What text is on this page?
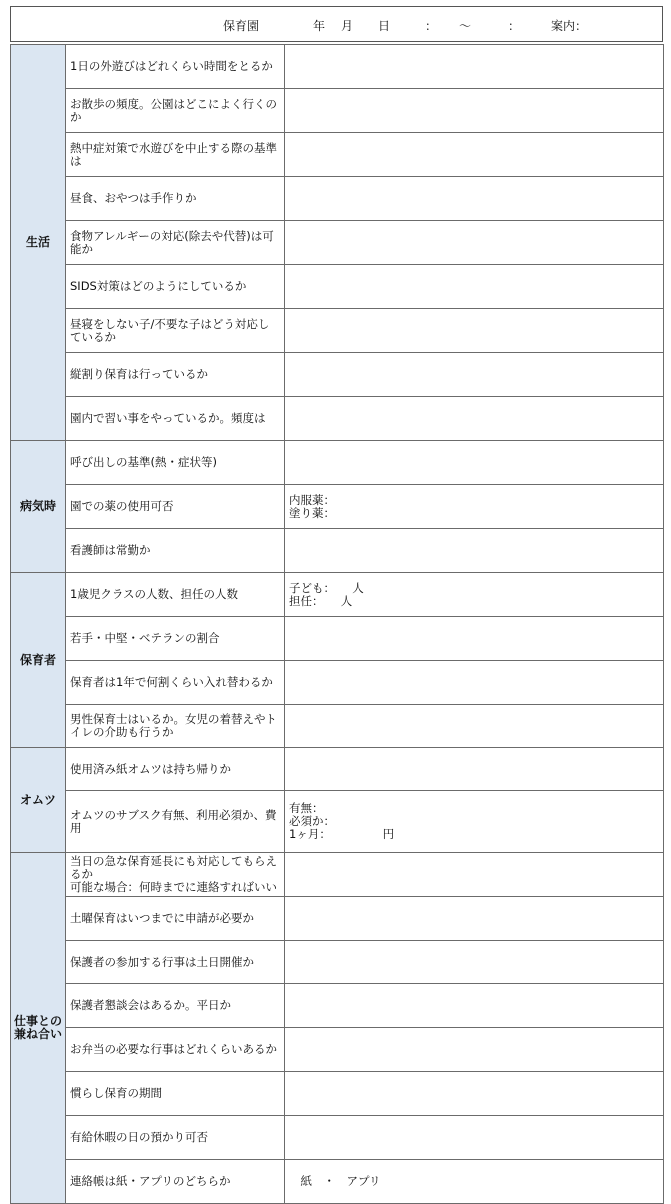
保育園	年 月 日	： 〜	：	案内：
生活	1日の外遊びはどれくらい時間をとるか	
	お散歩の頻度。公園はどこによく行くのか	
	熱中症対策で水遊びを中止する際の基準は	
	昼食、おやつは手作りか	
	食物アレルギーの対応(除去や代替)は可能か	
	SIDS対策はどのようにしているか	
	昼寝をしない子/不要な子はどう対応しているか	
	縦割り保育は行っているか	
	園内で習い事をやっているか。頻度は	
病気時	呼び出しの基準(熱・症状等)	
	園での薬の使用可否	内服薬：
塗り薬：
	看護師は常勤か	
保育者	1歳児クラスの人数、担任の人数	子ども：　　人
担任：　　人
	若手・中堅・ベテランの割合	
	保育者は1年で何割くらい入れ替わるか	
	男性保育士はいるか。女児の着替えやトイレの介助も行うか	
オムツ	使用済み紙オムツは持ち帰りか	
	オムツのサブスク有無、利用必須か、費用	有無：
必須か：
1ヶ月：　　　　　円
仕事との兼ね合い	当日の急な保育延長にも対応してもらえるか
可能な場合：何時までに連絡すればいい	
	土曜保育はいつまでに申請が必要か	
	保護者の参加する行事は土日開催か	
	保護者懇談会はあるか。平日か	
	お弁当の必要な行事はどれくらいあるか	
	慣らし保育の期間	
	有給休暇の日の預かり可否	
	連絡帳は紙・アプリのどちらか	　紙　・　アプリ
